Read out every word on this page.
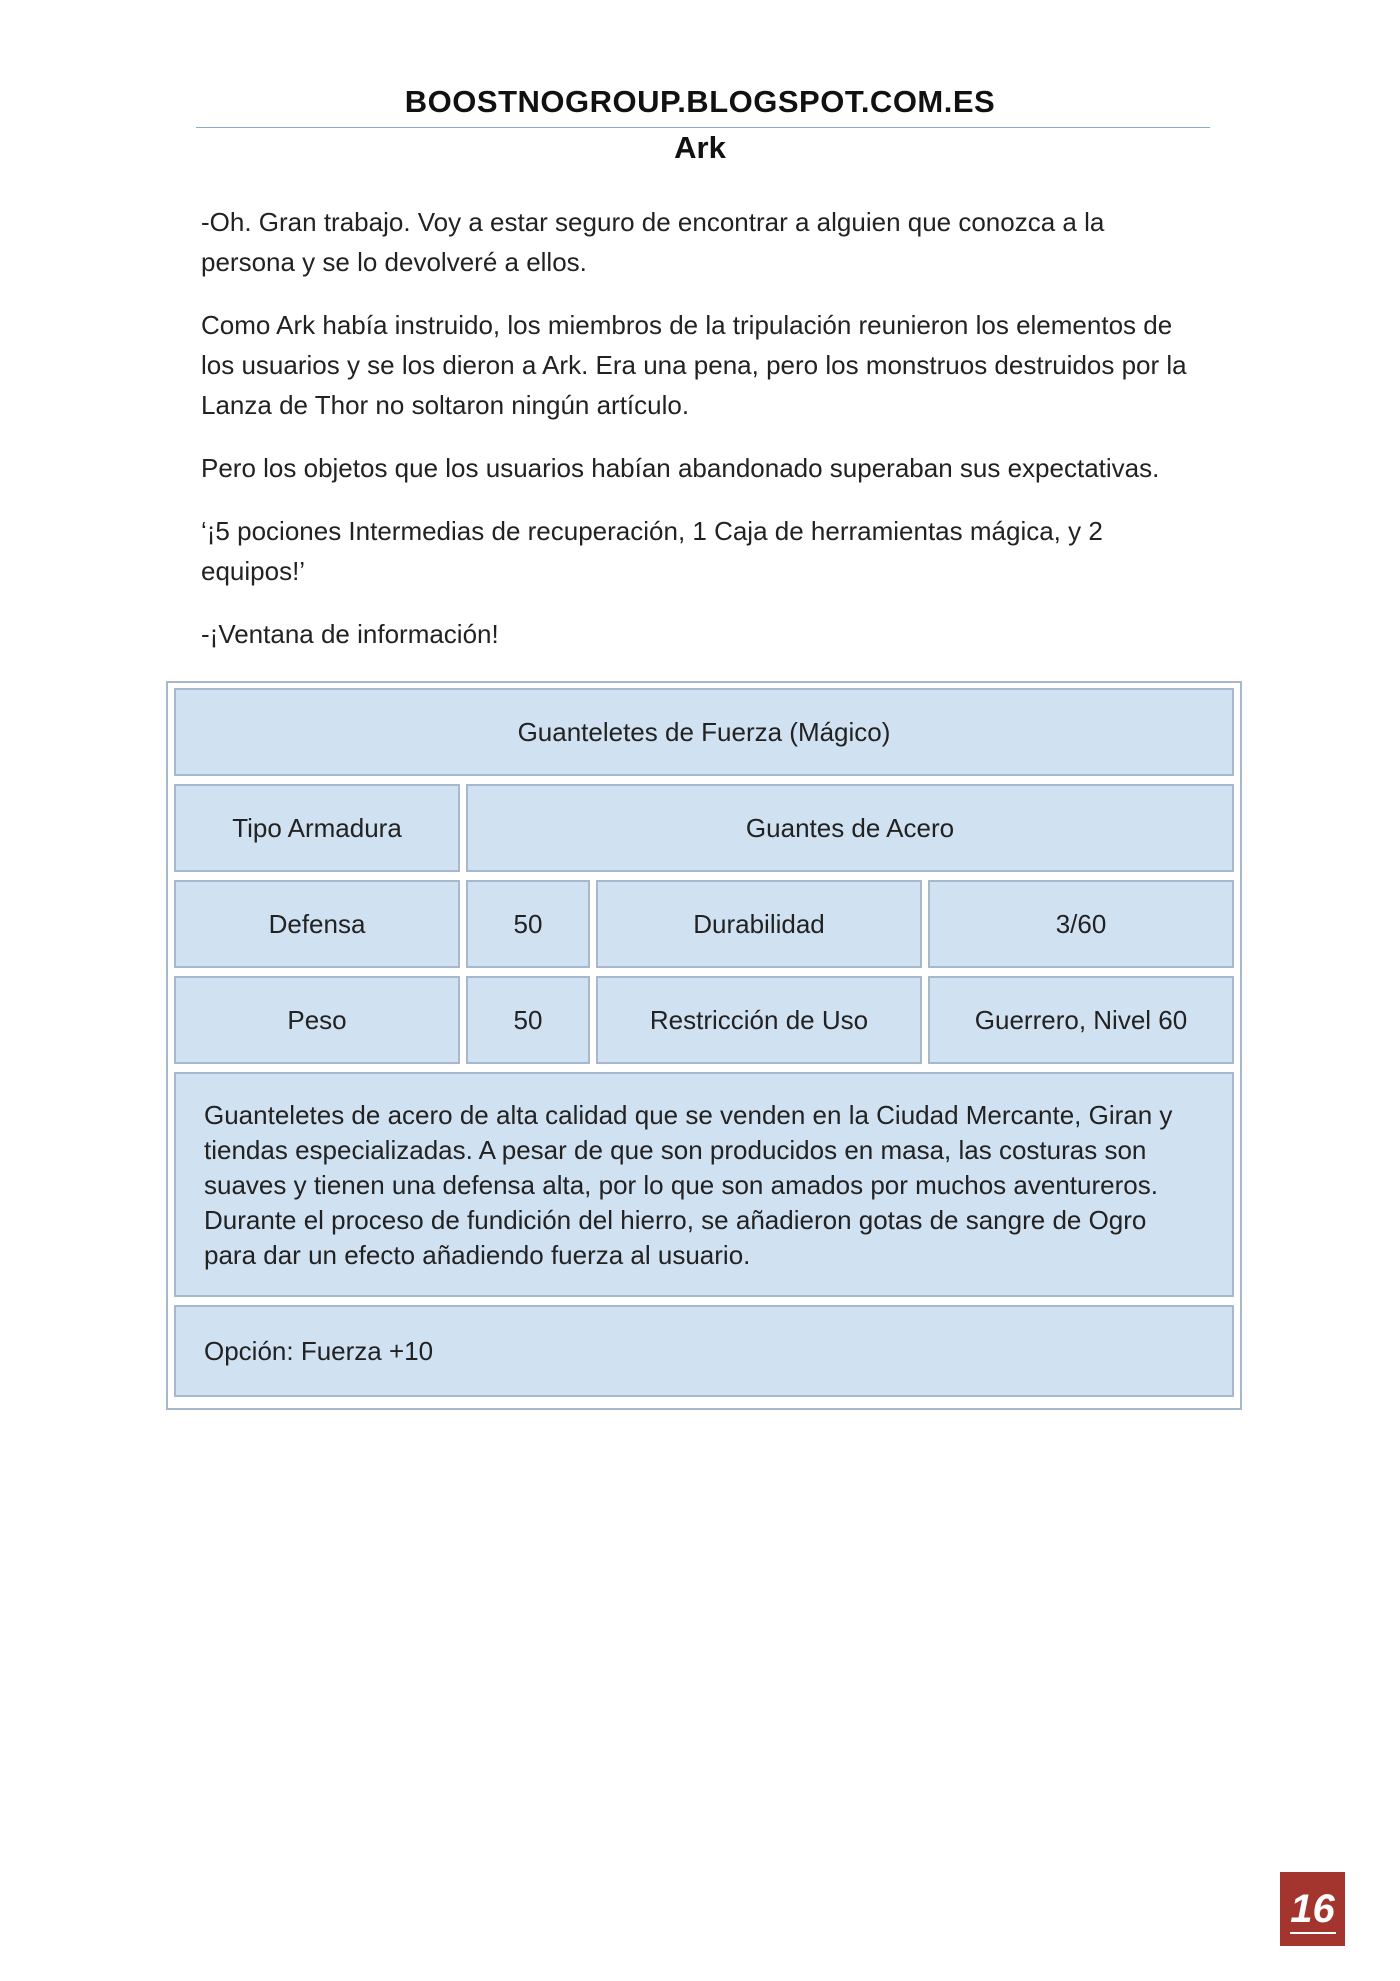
BOOSTNOGROUP.BLOGSPOT.COM.ES
Ark

-Oh. Gran trabajo. Voy a estar seguro de encontrar a alguien que conozca a la persona y se lo devolveré a ellos.

Como Ark había instruido, los miembros de la tripulación reunieron los elementos de los usuarios y se los dieron a Ark. Era una pena, pero los monstruos destruidos por la Lanza de Thor no soltaron ningún artículo.

Pero los objetos que los usuarios habían abandonado superaban sus expectativas.

‘¡5 pociones Intermedias de recuperación, 1 Caja de herramientas mágica, y 2 equipos!’

-¡Ventana de información!

Guanteletes de Fuerza (Mágico)
Tipo Armadura	Guantes de Acero
Defensa	50	Durabilidad	3/60
Peso	50	Restricción de Uso	Guerrero, Nivel 60
Guanteletes de acero de alta calidad que se venden en la Ciudad Mercante, Giran y tiendas especializadas. A pesar de que son producidos en masa, las costuras son suaves y tienen una defensa alta, por lo que son amados por muchos aventureros. Durante el proceso de fundición del hierro, se añadieron gotas de sangre de Ogro para dar un efecto añadiendo fuerza al usuario.
Opción: Fuerza +10
16
